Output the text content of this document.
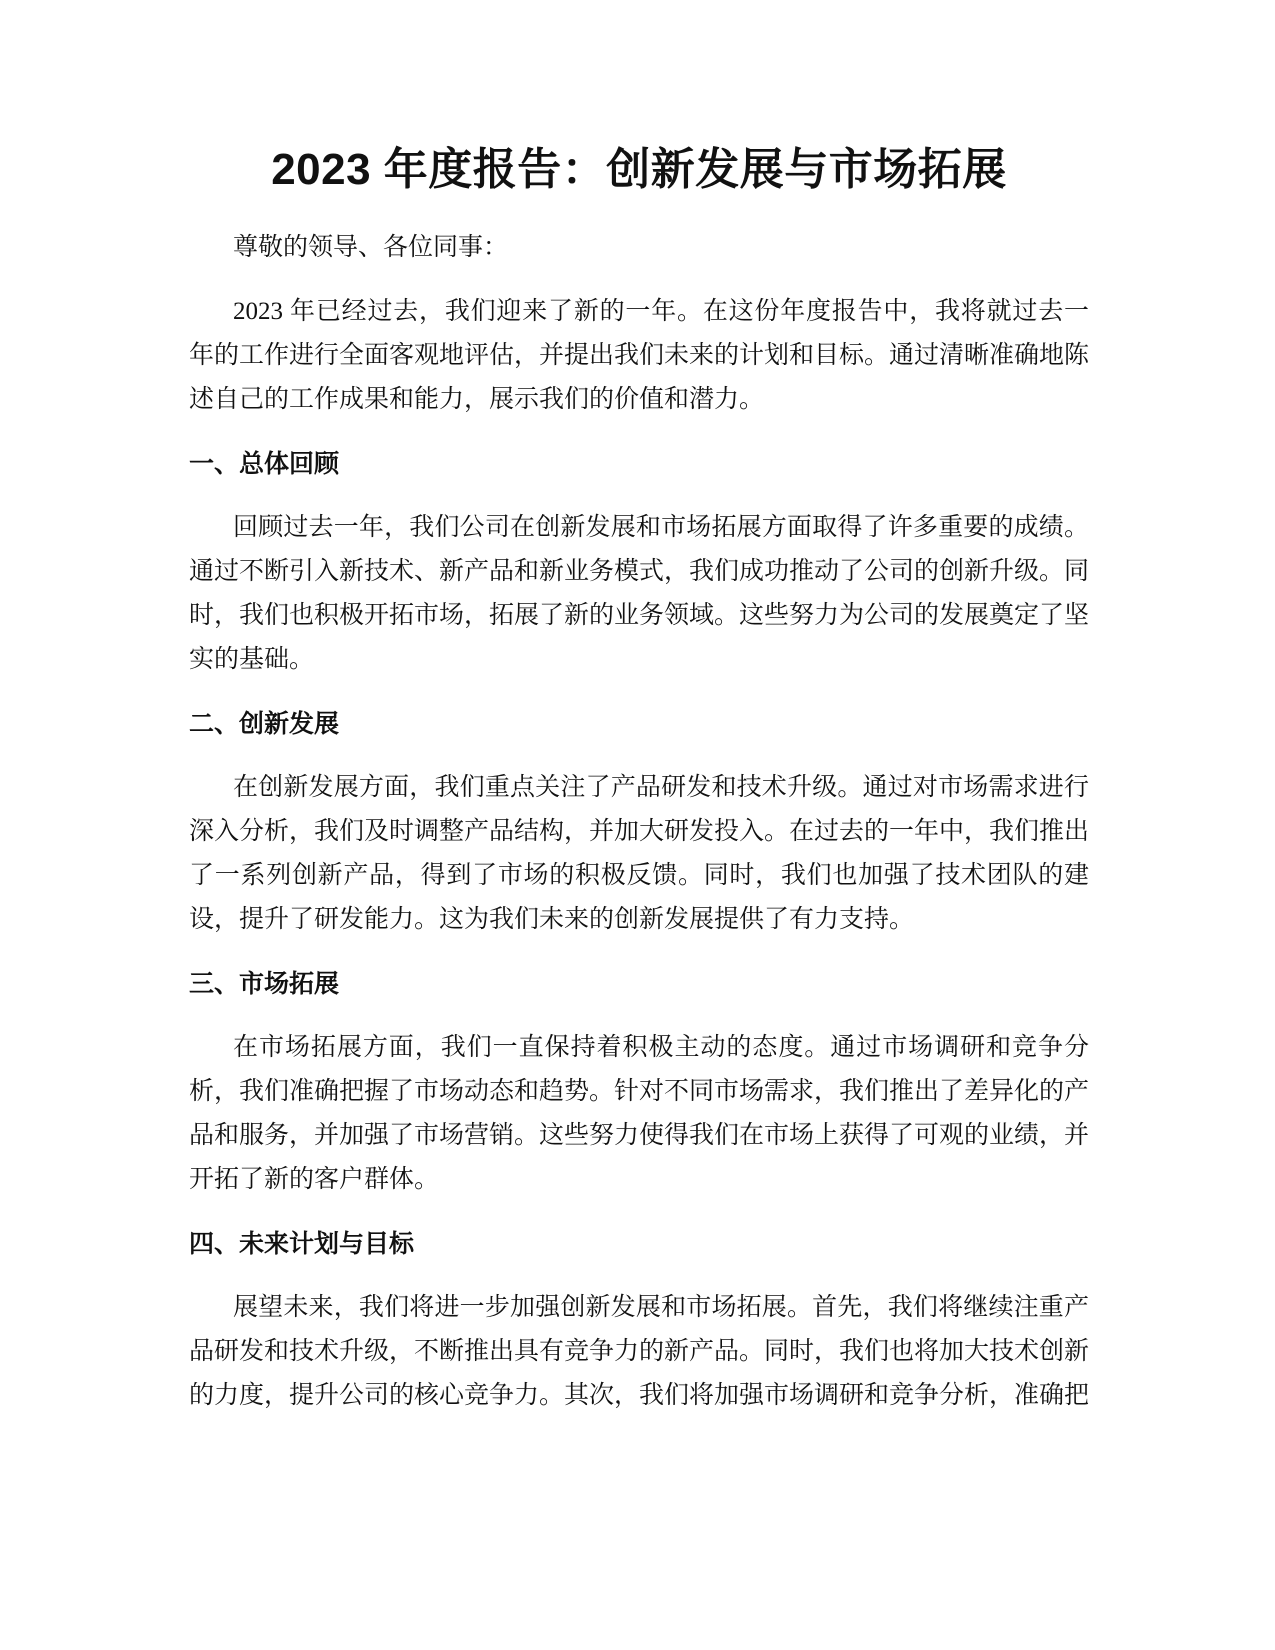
2023 年度报告：创新发展与市场拓展

尊敬的领导、各位同事：

2023 年已经过去，我们迎来了新的一年。在这份年度报告中，我将就过去一年的工作进行全面客观地评估，并提出我们未来的计划和目标。通过清晰准确地陈述自己的工作成果和能力，展示我们的价值和潜力。

一、总体回顾

回顾过去一年，我们公司在创新发展和市场拓展方面取得了许多重要的成绩。通过不断引入新技术、新产品和新业务模式，我们成功推动了公司的创新升级。同时，我们也积极开拓市场，拓展了新的业务领域。这些努力为公司的发展奠定了坚实的基础。

二、创新发展

在创新发展方面，我们重点关注了产品研发和技术升级。通过对市场需求进行深入分析，我们及时调整产品结构，并加大研发投入。在过去的一年中，我们推出了一系列创新产品，得到了市场的积极反馈。同时，我们也加强了技术团队的建设，提升了研发能力。这为我们未来的创新发展提供了有力支持。

三、市场拓展

在市场拓展方面，我们一直保持着积极主动的态度。通过市场调研和竞争分析，我们准确把握了市场动态和趋势。针对不同市场需求，我们推出了差异化的产品和服务，并加强了市场营销。这些努力使得我们在市场上获得了可观的业绩，并开拓了新的客户群体。

四、未来计划与目标

展望未来，我们将进一步加强创新发展和市场拓展。首先，我们将继续注重产品研发和技术升级，不断推出具有竞争力的新产品。同时，我们也将加大技术创新的力度，提升公司的核心竞争力。其次，我们将加强市场调研和竞争分析，准确把
